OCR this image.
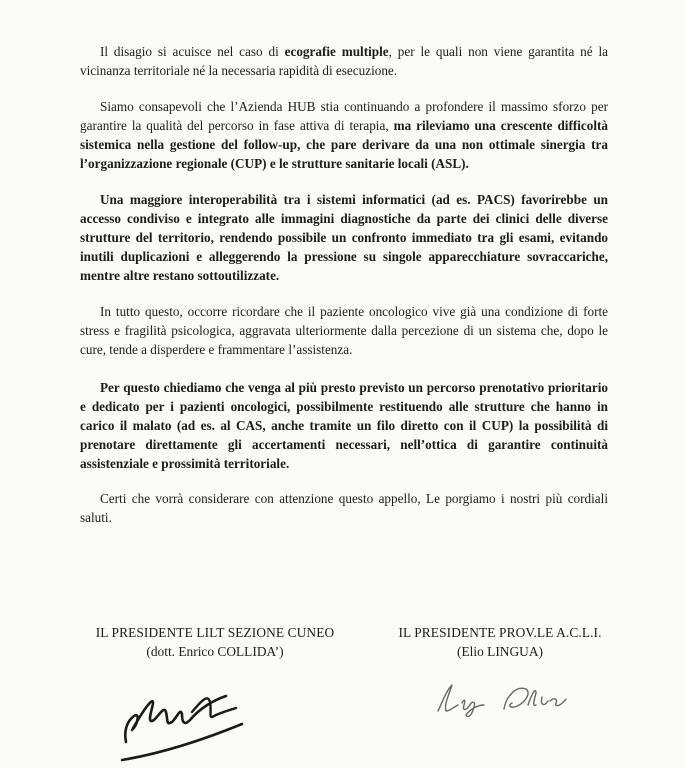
Il disagio si acuisce nel caso di ecografie multiple, per le quali non viene garantita né la vicinanza territoriale né la necessaria rapidità di esecuzione.

Siamo consapevoli che l’Azienda HUB stia continuando a profondere il massimo sforzo per garantire la qualità del percorso in fase attiva di terapia, ma rileviamo una crescente difficoltà sistemica nella gestione del follow-up, che pare derivare da una non ottimale sinergia tra l’organizzazione regionale (CUP) e le strutture sanitarie locali (ASL).

Una maggiore interoperabilità tra i sistemi informatici (ad es. PACS) favorirebbe un accesso condiviso e integrato alle immagini diagnostiche da parte dei clinici delle diverse strutture del territorio, rendendo possibile un confronto immediato tra gli esami, evitando inutili duplicazioni e alleggerendo la pressione su singole apparecchiature sovraccariche, mentre altre restano sottoutilizzate.

In tutto questo, occorre ricordare che il paziente oncologico vive già una condizione di forte stress e fragilità psicologica, aggravata ulteriormente dalla percezione di un sistema che, dopo le cure, tende a disperdere e frammentare l’assistenza.

Per questo chiediamo che venga al più presto previsto un percorso prenotativo prioritario e dedicato per i pazienti oncologici, possibilmente restituendo alle strutture che hanno in carico il malato (ad es. al CAS, anche tramite un filo diretto con il CUP) la possibilità di prenotare direttamente gli accertamenti necessari, nell’ottica di garantire continuità assistenziale e prossimità territoriale.

Certi che vorrà considerare con attenzione questo appello, Le porgiamo i nostri più cordiali saluti.

IL PRESIDENTE LILT SEZIONE CUNEO
(dott. Enrico COLLIDA’)
IL PRESIDENTE PROV.LE A.C.L.I.
(Elio LINGUA)
